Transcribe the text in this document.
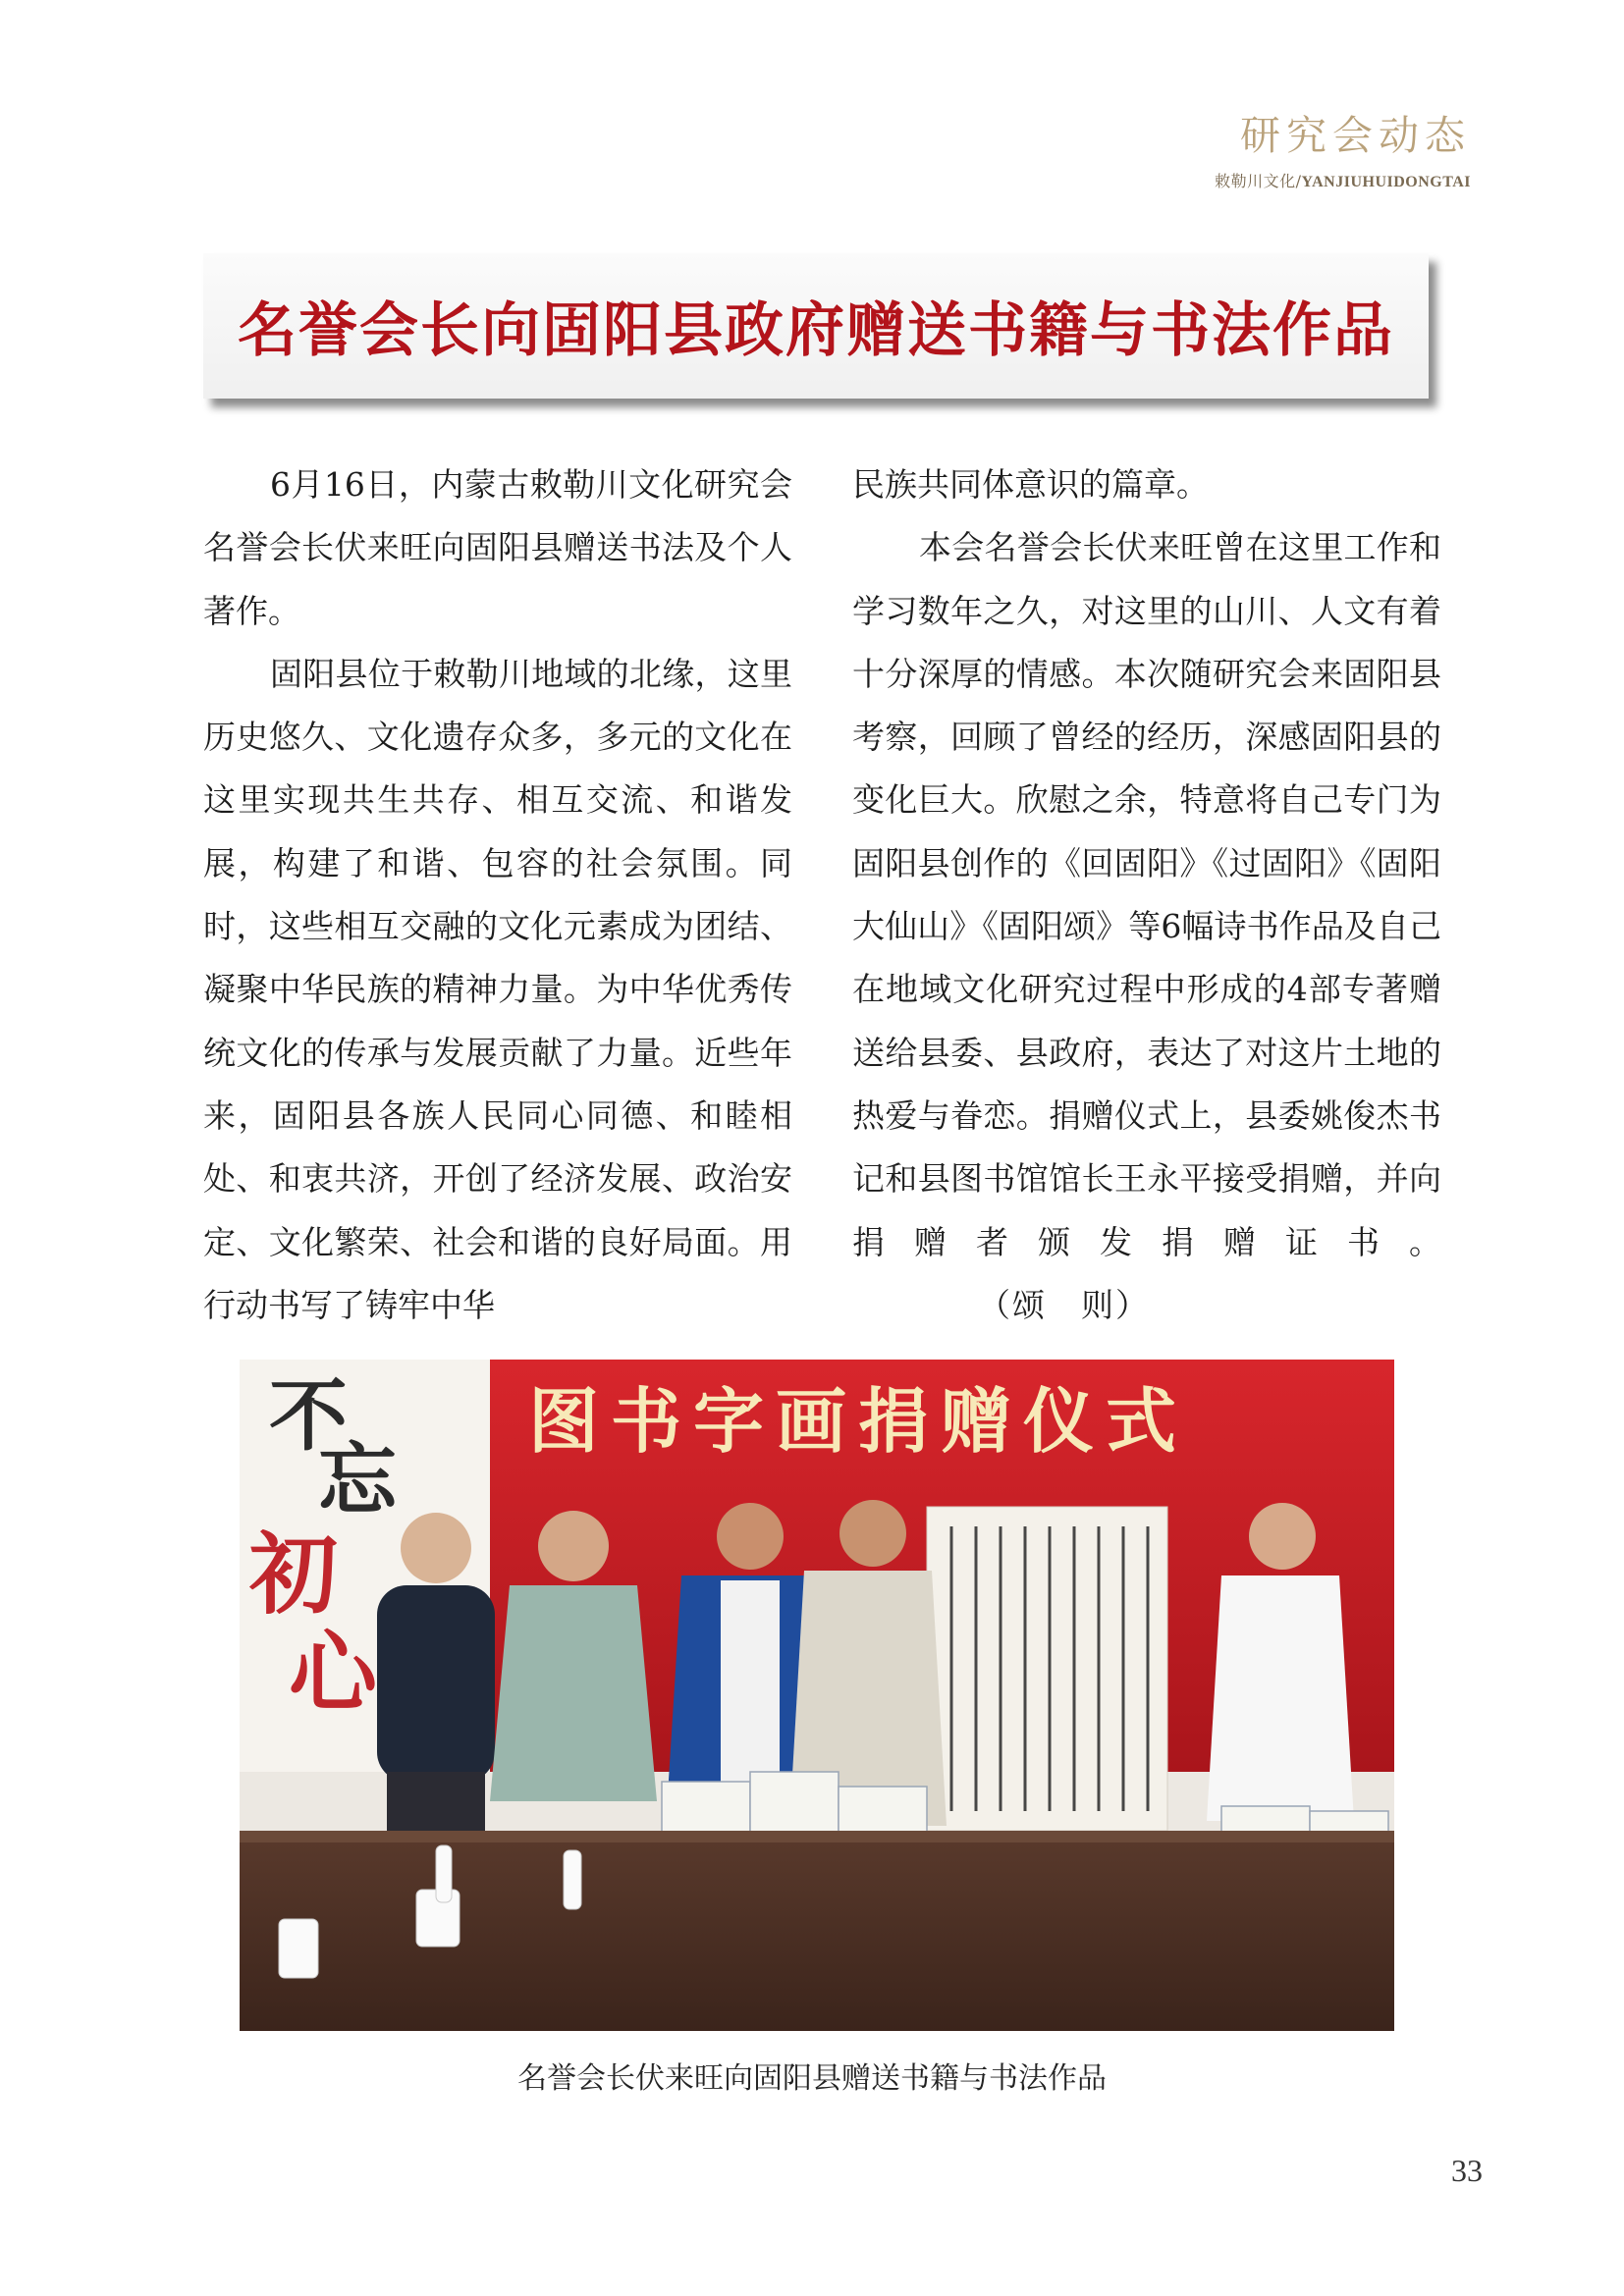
研究会动态
敕勒川文化/YANJIUHUIDONGTAI
名誉会长向固阳县政府赠送书籍与书法作品

6月16日，内蒙古敕勒川文化研究会名誉会长伏来旺向固阳县赠送书法及个人著作。

固阳县位于敕勒川地域的北缘，这里历史悠久、文化遗存众多，多元的文化在这里实现共生共存、相互交流、和谐发展，构建了和谐、包容的社会氛围。同时，这些相互交融的文化元素成为团结、凝聚中华民族的精神力量。为中华优秀传统文化的传承与发展贡献了力量。近些年来，固阳县各族人民同心同德、和睦相处、和衷共济，开创了经济发展、政治安定、文化繁荣、社会和谐的良好局面。用行动书写了铸牢中华

民族共同体意识的篇章。

本会名誉会长伏来旺曾在这里工作和学习数年之久，对这里的山川、人文有着十分深厚的情感。本次随研究会来固阳县考察，回顾了曾经的经历，深感固阳县的变化巨大。欣慰之余，特意将自己专门为固阳县创作的《回固阳》《过固阳》《固阳大仙山》《固阳颂》等6幅诗书作品及自己在地域文化研究过程中形成的4部专著赠送给县委、县政府，表达了对这片土地的热爱与眷恋。捐赠仪式上，县委姚俊杰书记和县图书馆馆长王永平接受捐赠，并向捐赠者颁发捐赠证书。（颂　则）

图书字画捐赠仪式
不
忘
初
心
名誉会长伏来旺向固阳县赠送书籍与书法作品
33
